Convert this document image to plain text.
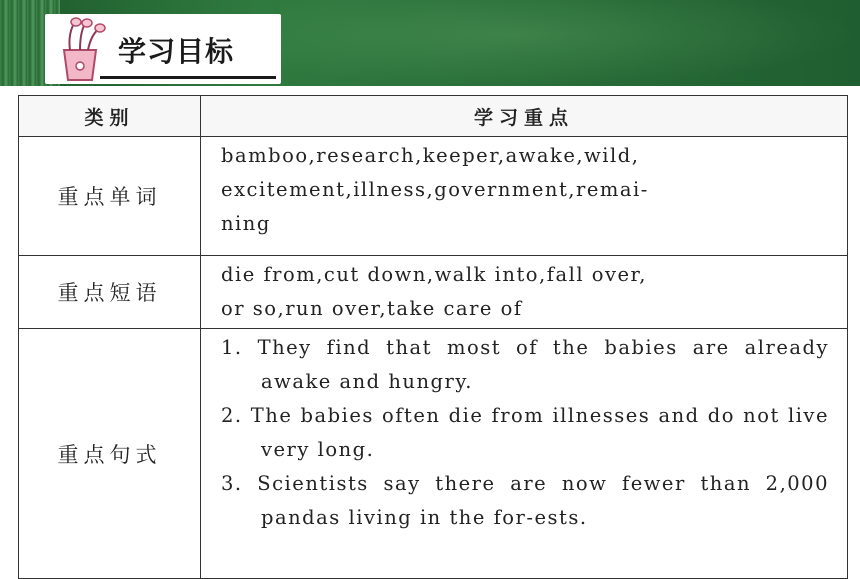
学习目标
类别	学习重点
重点单词	bamboo,research,keeper,awake,wild,
excitement,illness,government,remai-
ning

重点短语	die from,cut down,walk into,fall over,
or so,run over,take care of

重点句式	1. They find that most of the babies are already awake and hungry.
2. The babies often die from illnesses and do not live very long.
3. Scientists say there are now fewer than 2,000 pandas living in the for-ests.
